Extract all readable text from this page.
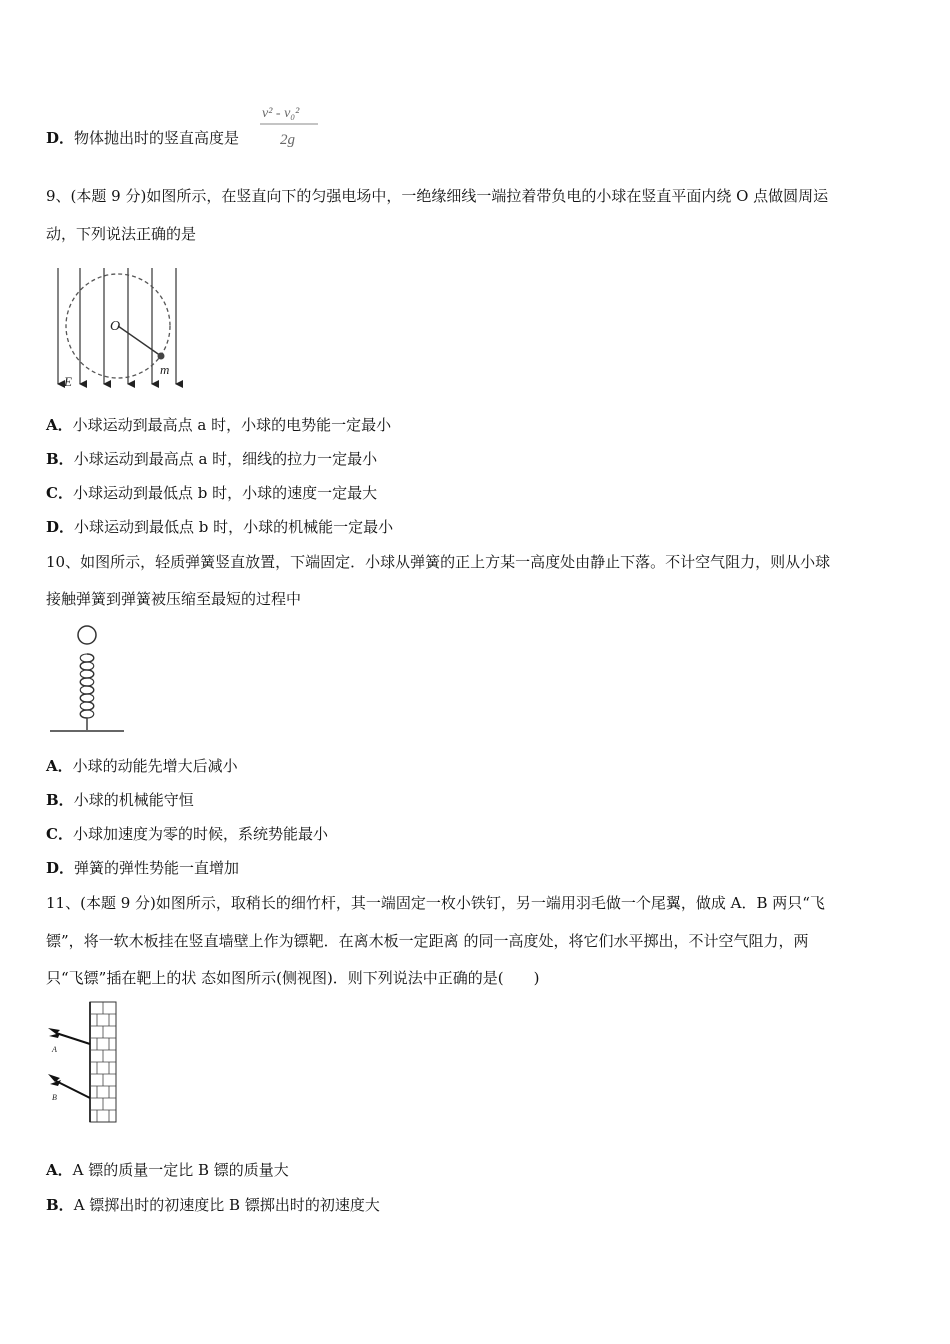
D．物体抛出时的竖直高度是
v² - v₀²
2g
9、(本题 9 分)如图所示，在竖直向下的匀强电场中，一绝缘细线一端拉着带负电的小球在竖直平面内绕 O 点做圆周运
动，下列说法正确的是
O
E
m
A．小球运动到最高点 a 时，小球的电势能一定最小
B．小球运动到最高点 a 时，细线的拉力一定最小
C．小球运动到最低点 b 时，小球的速度一定最大
D．小球运动到最低点 b 时，小球的机械能一定最小
10、如图所示，轻质弹簧竖直放置，下端固定．小球从弹簧的正上方某一高度处由静止下落。不计空气阻力，则从小球
接触弹簧到弹簧被压缩至最短的过程中
A．小球的动能先增大后减小
B．小球的机械能守恒
C．小球加速度为零的时候，系统势能最小
D．弹簧的弹性势能一直增加
11、(本题 9 分)如图所示，取稍长的细竹杆，其一端固定一枚小铁钉，另一端用羽毛做一个尾翼，做成 A．B 两只“飞
镖”，将一软木板挂在竖直墙壁上作为镖靶．在离木板一定距离 的同一高度处，将它们水平掷出，不计空气阻力，两
只“飞镖”插在靶上的状 态如图所示(侧视图)．则下列说法中正确的是(　　)
A
B
A．A 镖的质量一定比 B 镖的质量大
B．A 镖掷出时的初速度比 B 镖掷出时的初速度大
